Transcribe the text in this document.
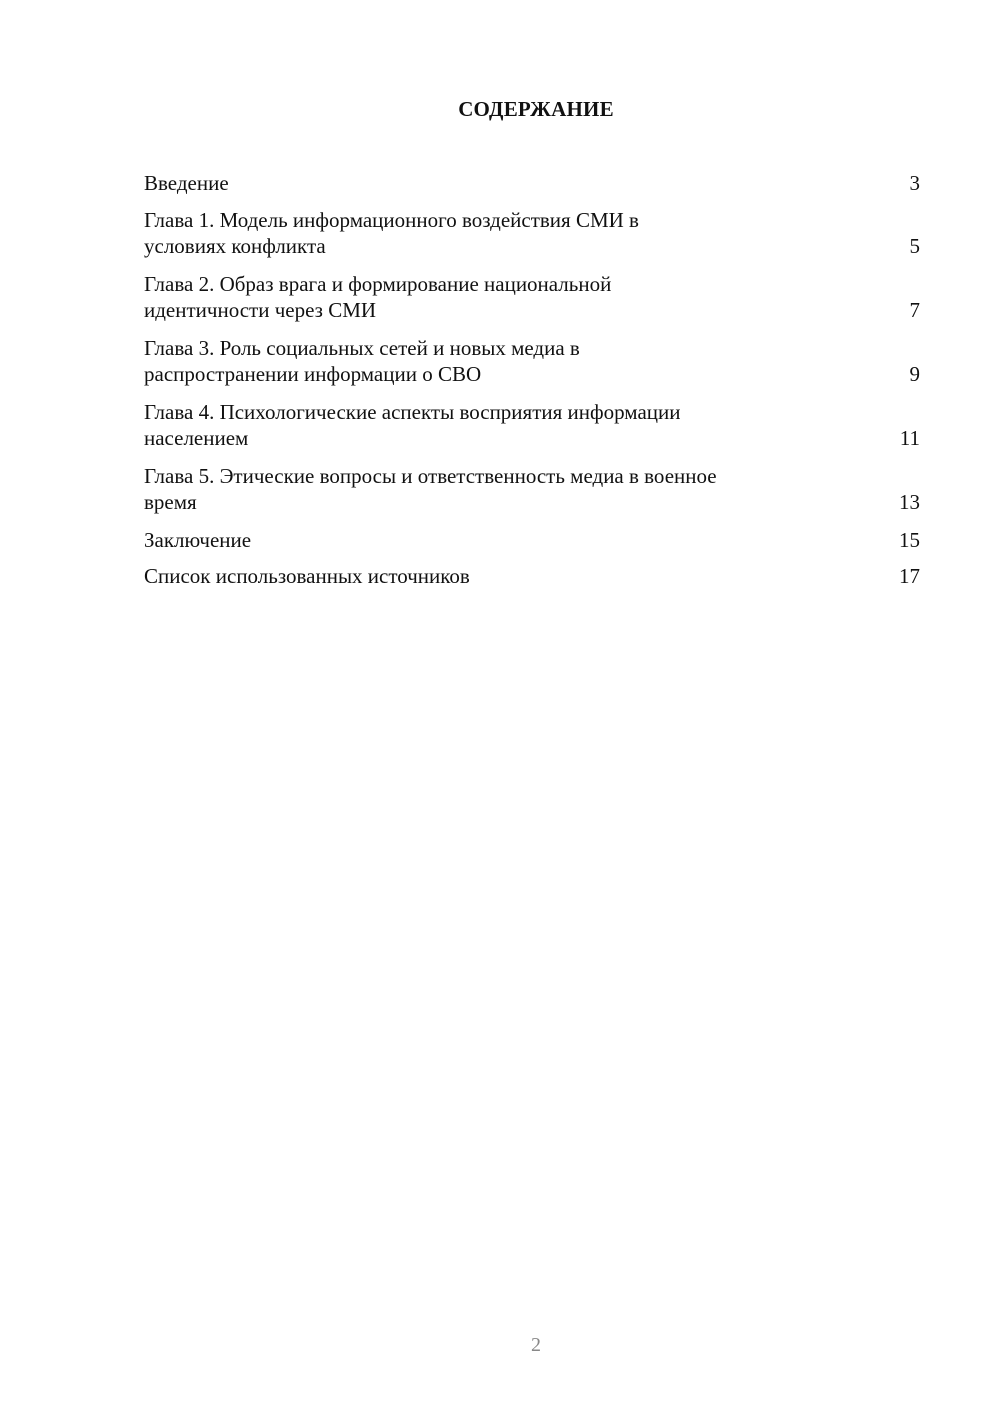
СОДЕРЖАНИЕ
Введение	3
Глава 1. Модель информационного воздействия СМИ в
условиях конфликта	5
Глава 2. Образ врага и формирование национальной
идентичности через СМИ	7
Глава 3. Роль социальных сетей и новых медиа в
распространении информации о СВО	9
Глава 4. Психологические аспекты восприятия информации
населением	11
Глава 5. Этические вопросы и ответственность медиа в военное
время	13
Заключение	15
Список использованных источников	17
2
